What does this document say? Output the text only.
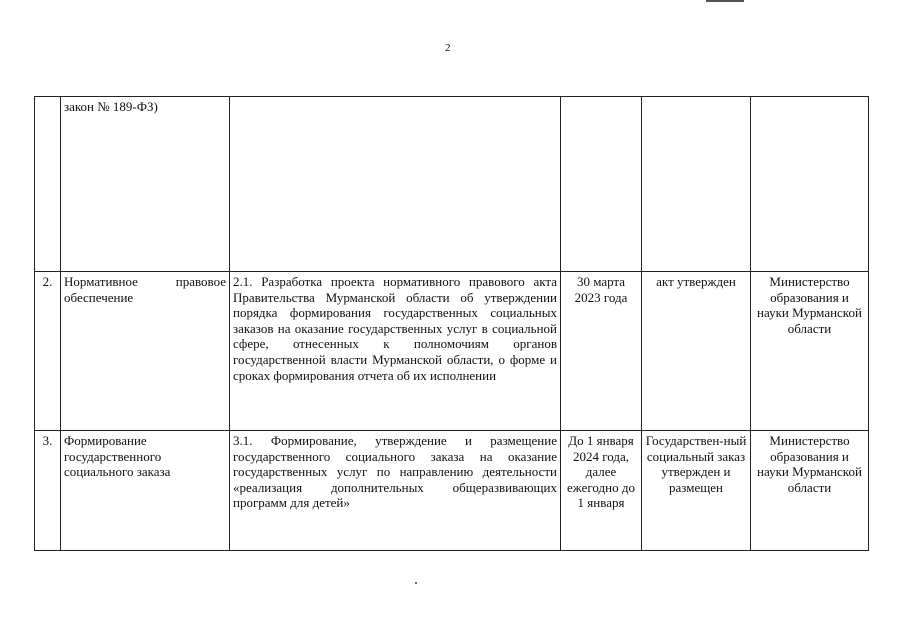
2
	закон № 189-ФЗ)				
2.	Нормативное правовое обеспечение	2.1. Разработка проекта нормативного правового акта Правительства Мурманской области об утверждении порядка формирования государственных социальных заказов на оказание государственных услуг в социальной сфере, отнесенных к полномочиям органов государственной власти Мурманской области, о форме и сроках формирования отчета об их исполнении	30 марта 2023 года	акт утвержден	Министерство образования и науки Мурманской области
3.	Формирование государственного социального заказа	3.1. Формирование, утверждение и размещение государственного социального заказа на оказание государственных услуг по направлению деятельности «реализация дополнительных общеразвивающих программ для детей»	До 1 января 2024 года, далее ежегодно до 1 января	Государствен-ный социальный заказ утвержден и размещен	Министерство образования и науки Мурманской области
